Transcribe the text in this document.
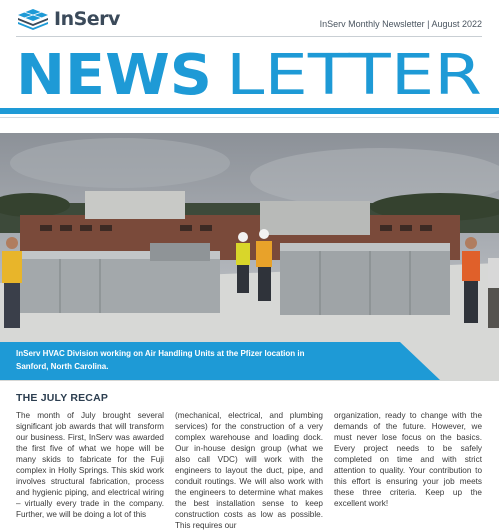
InServ	InServ Monthly Newsletter | August 2022
NEWS LETTER
InServ HVAC Division working on Air Handling Units at the Pfizer location in Sanford, North Carolina.
THE JULY RECAP
The month of July brought several significant job awards that will transform our business. First, InServ was awarded the first five of what we hope will be many skids to fabricate for the Fuji complex in Holly Springs. This skid work involves structural fabrication, process and hygienic piping, and electrical wiring – virtually every trade in the company. Further, we will be doing a lot of this
(mechanical, electrical, and plumbing services) for the construction of a very complex warehouse and loading dock. Our in-house design group (what we also call VDC) will work with the engineers to layout the duct, pipe, and conduit routings. We will also work with the engineers to determine what makes the best installation sense to keep construction costs as low as possible. This requires our
organization, ready to change with the demands of the future. However, we must never lose focus on the basics. Every project needs to be safely completed on time and with strict attention to quality. Your contribution to this effort is ensuring your job meets these three criteria. Keep up the excellent work!
